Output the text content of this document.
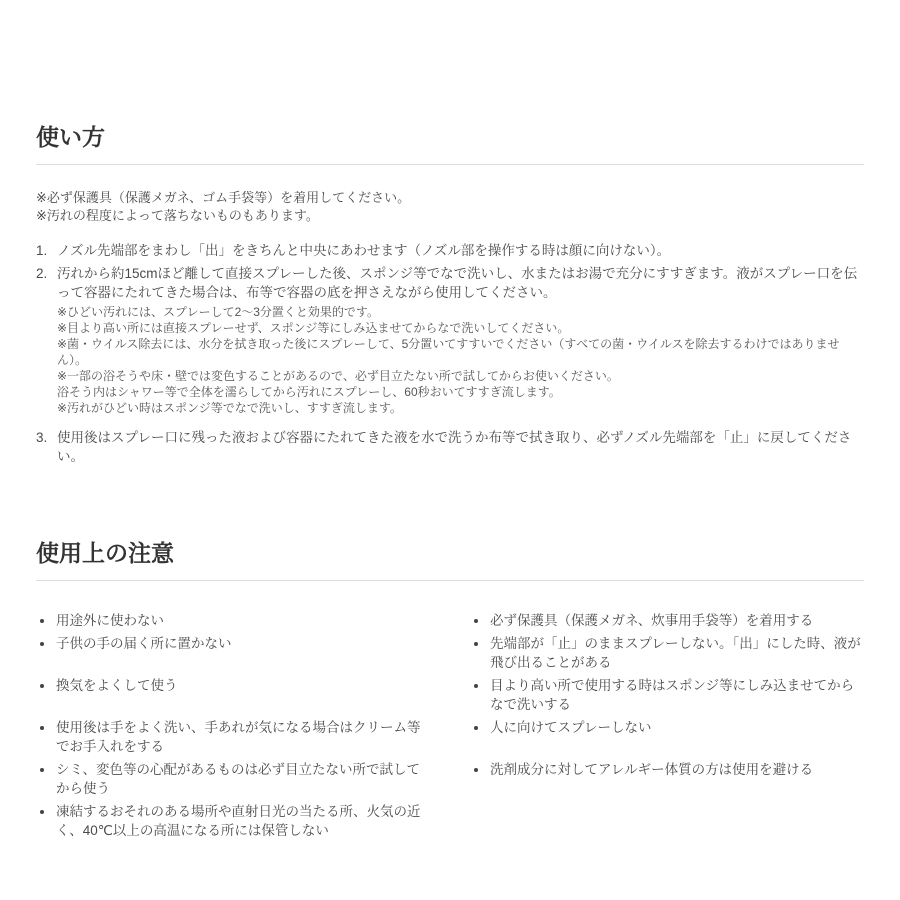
使い方
※必ず保護具（保護メガネ、ゴム手袋等）を着用してください。
※汚れの程度によって落ちないものもあります。
1. ノズル先端部をまわし「出」をきちんと中央にあわせます（ノズル部を操作する時は顔に向けない）。
2. 汚れから約15cmほど離して直接スプレーした後、スポンジ等でなで洗いし、水またはお湯で充分にすすぎます。液がスプレー口を伝って容器にたれてきた場合は、布等で容器の底を押さえながら使用してください。
※ひどい汚れには、スプレーして2～3分置くと効果的です。
※目より高い所には直接スプレーせず、スポンジ等にしみ込ませてからなで洗いしてください。
※菌・ウイルス除去には、水分を拭き取った後にスプレーして、5分置いてすすいでください（すべての菌・ウイルスを除去するわけではありません）。
※一部の浴そうや床・壁では変色することがあるので、必ず目立たない所で試してからお使いください。
浴そう内はシャワー等で全体を濡らしてから汚れにスプレーし、60秒おいてすすぎ流します。
※汚れがひどい時はスポンジ等でなで洗いし、すすぎ流します。
3. 使用後はスプレー口に残った液および容器にたれてきた液を水で洗うか布等で拭き取り、必ずノズル先端部を「止」に戻してください。
使用上の注意
用途外に使わない	必ず保護具（保護メガネ、炊事用手袋等）を着用する
子供の手の届く所に置かない	先端部が「止」のままスプレーしない。「出」にした時、液が飛び出ることがある
換気をよくして使う	目より高い所で使用する時はスポンジ等にしみ込ませてからなで洗いする
使用後は手をよく洗い、手あれが気になる場合はクリーム等でお手入れをする
人に向けてスプレーしない
シミ、変色等の心配があるものは必ず目立たない所で試してから使う
洗剤成分に対してアレルギー体質の方は使用を避ける
凍結するおそれのある場所や直射日光の当たる所、火気の近く、40℃以上の高温になる所には保管しない
